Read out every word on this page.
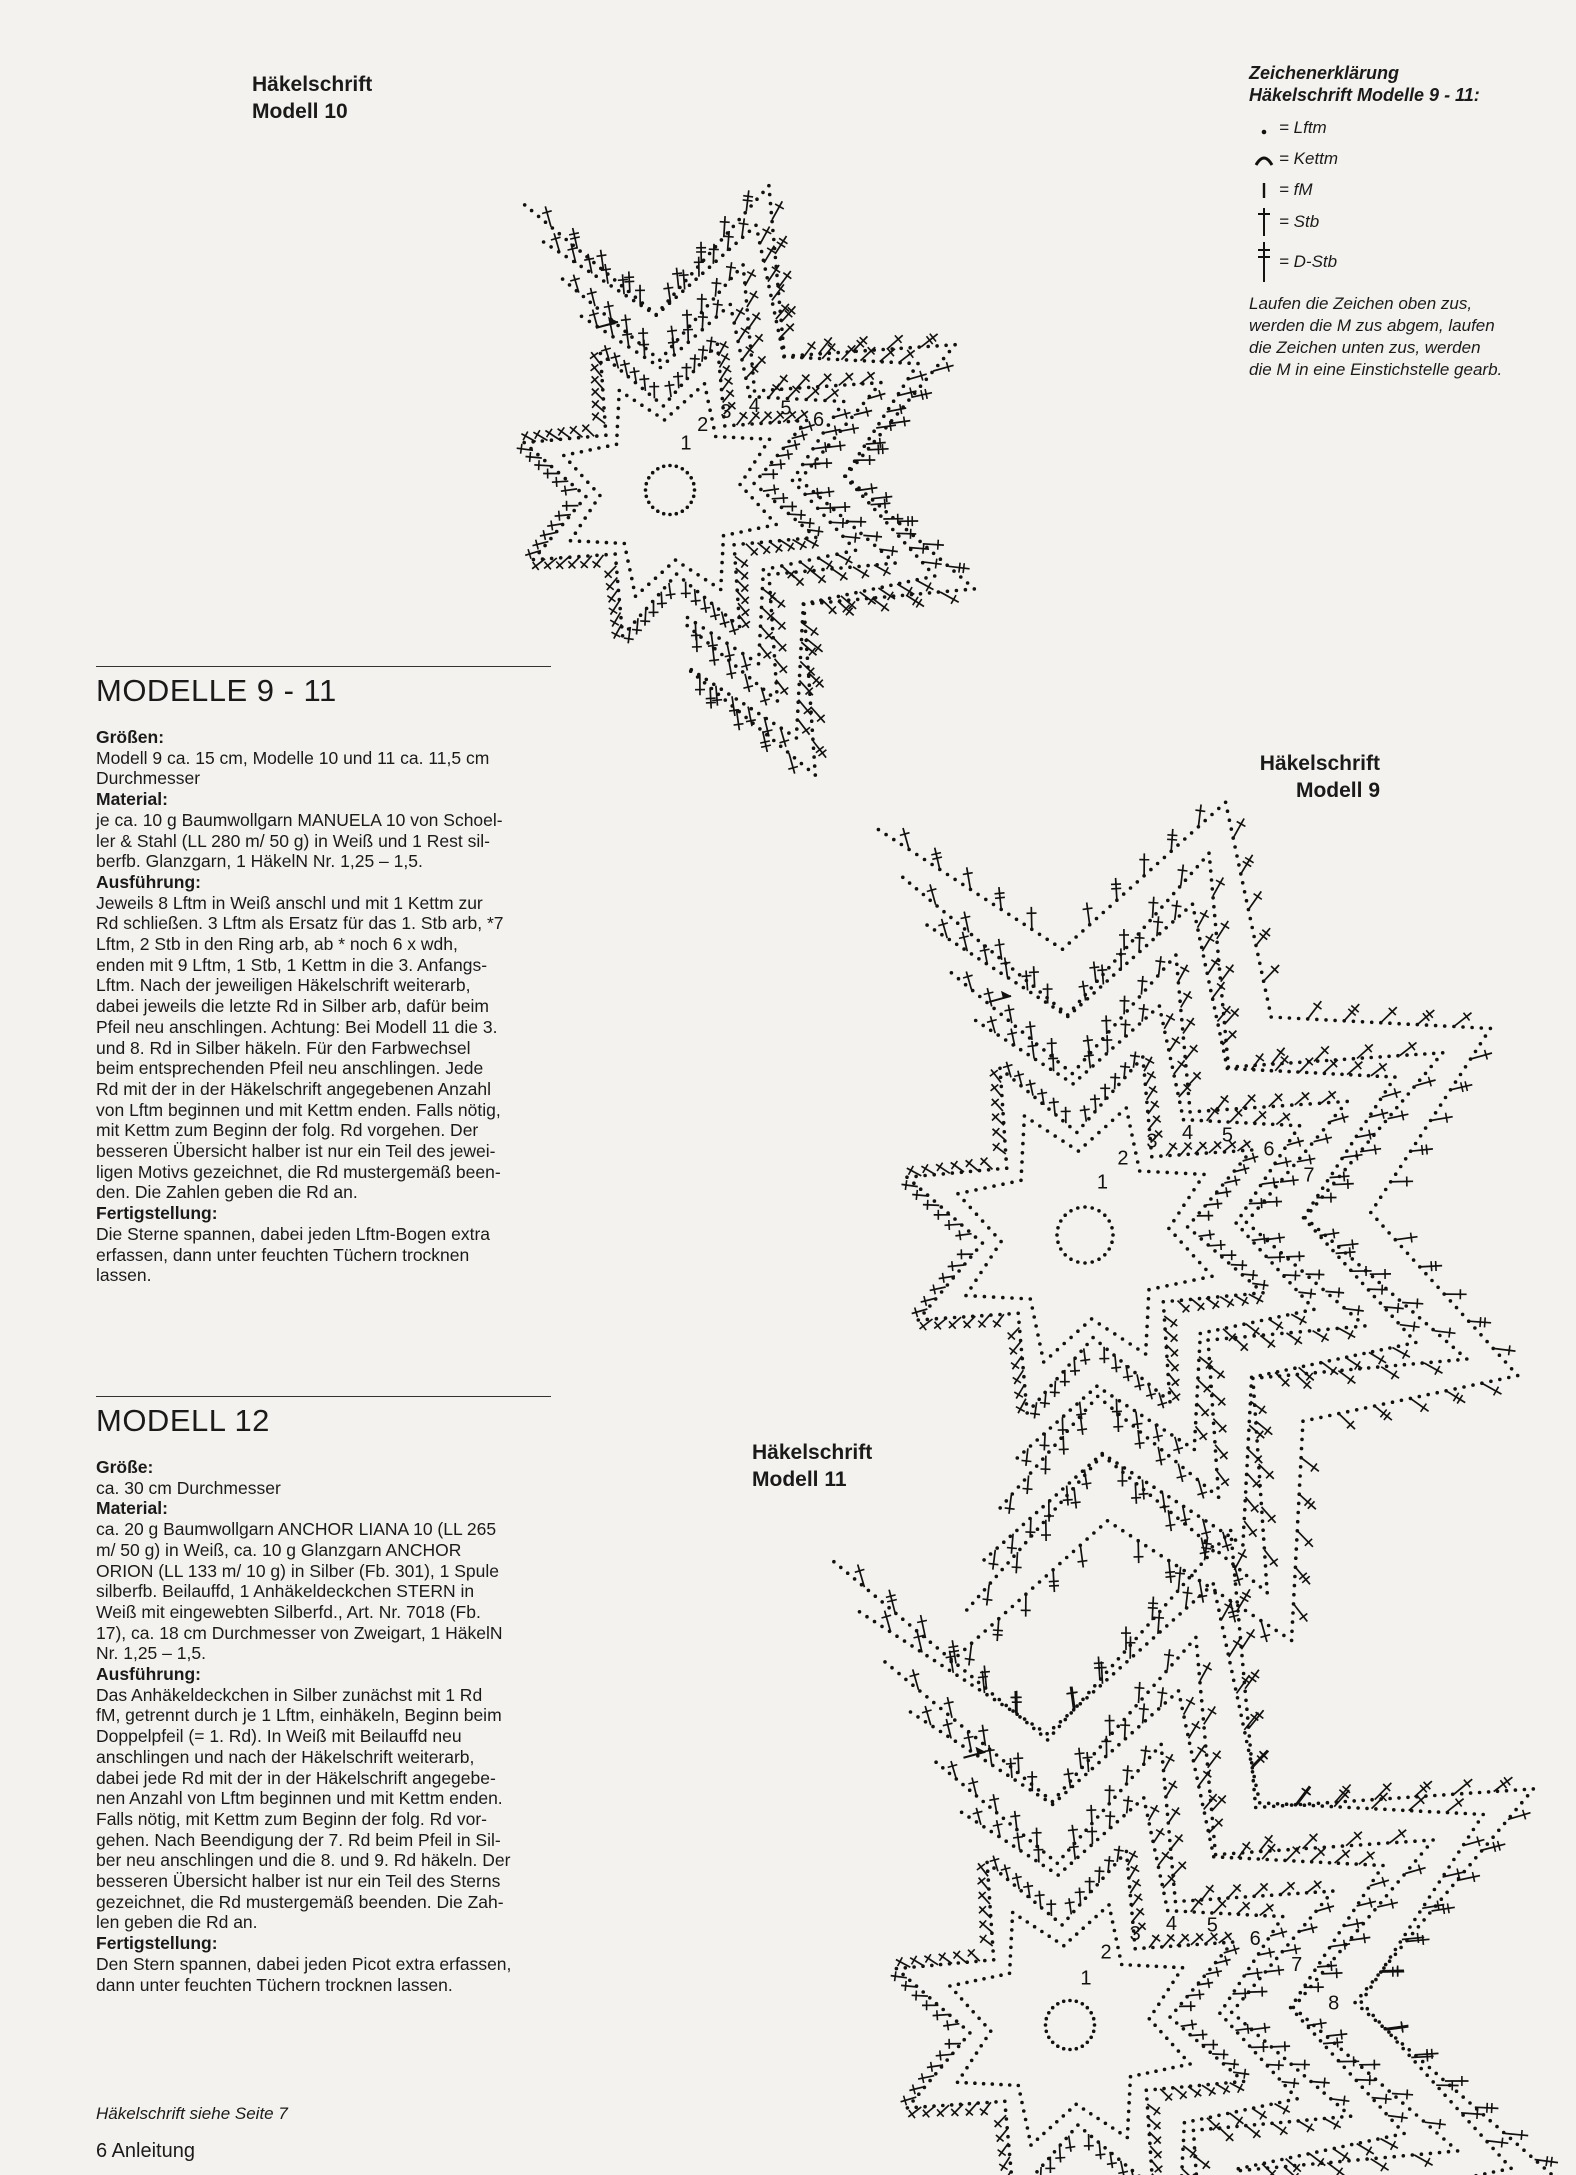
Häkelschrift
Modell 10
1
2
3 4 5
6
Zeichenerklärung
Häkelschrift Modelle 9 - 11:
= Lftm
= Kettm
= fM
= Stb
= D-Stb
Laufen die Zeichen oben zus,
werden die M zus abgem, laufen
die Zeichen unten zus, werden
die M in eine Einstichstelle gearb.
Häkelschrift
Modell 9
1
2
3 4 5
6
7
Häkelschrift
Modell 11
1
2
3 4 5
6
7
8
MODELLE 9 - 11

Größen:

Modell 9 ca. 15 cm, Modelle 10 und 11 ca. 11,5 cm

Durchmesser

Material:

je ca. 10 g Baumwollgarn MANUELA 10 von Schoel-

ler & Stahl (LL 280 m/ 50 g) in Weiß und 1 Rest sil-

berfb. Glanzgarn, 1 HäkelN Nr. 1,25 – 1,5.

Ausführung:

Jeweils 8 Lftm in Weiß anschl und mit 1 Kettm zur

Rd schließen. 3 Lftm als Ersatz für das 1. Stb arb, *7

Lftm, 2 Stb in den Ring arb, ab * noch 6 x wdh,

enden mit 9 Lftm, 1 Stb, 1 Kettm in die 3. Anfangs-

Lftm. Nach der jeweiligen Häkelschrift weiterarb,

dabei jeweils die letzte Rd in Silber arb, dafür beim

Pfeil neu anschlingen. Achtung: Bei Modell 11 die 3.

und 8. Rd in Silber häkeln. Für den Farbwechsel

beim entsprechenden Pfeil neu anschlingen. Jede

Rd mit der in der Häkelschrift angegebenen Anzahl

von Lftm beginnen und mit Kettm enden. Falls nötig,

mit Kettm zum Beginn der folg. Rd vorgehen. Der

besseren Übersicht halber ist nur ein Teil des jewei-

ligen Motivs gezeichnet, die Rd mustergemäß been-

den. Die Zahlen geben die Rd an.

Fertigstellung:

Die Sterne spannen, dabei jeden Lftm-Bogen extra

erfassen, dann unter feuchten Tüchern trocknen

lassen.

MODELL 12

Größe:

ca. 30 cm Durchmesser

Material:

ca. 20 g Baumwollgarn ANCHOR LIANA 10 (LL 265

m/ 50 g) in Weiß, ca. 10 g Glanzgarn ANCHOR

ORION (LL 133 m/ 10 g) in Silber (Fb. 301), 1 Spule

silberfb. Beilauffd, 1 Anhäkeldeckchen STERN in

Weiß mit eingewebten Silberfd., Art. Nr. 7018 (Fb.

17), ca. 18 cm Durchmesser von Zweigart, 1 HäkelN

Nr. 1,25 – 1,5.

Ausführung:

Das Anhäkeldeckchen in Silber zunächst mit 1 Rd

fM, getrennt durch je 1 Lftm, einhäkeln, Beginn beim

Doppelpfeil (= 1. Rd). In Weiß mit Beilauffd neu

anschlingen und nach der Häkelschrift weiterarb,

dabei jede Rd mit der in der Häkelschrift angegebe-

nen Anzahl von Lftm beginnen und mit Kettm enden.

Falls nötig, mit Kettm zum Beginn der folg. Rd vor-

gehen. Nach Beendigung der 7. Rd beim Pfeil in Sil-

ber neu anschlingen und die 8. und 9. Rd häkeln. Der

besseren Übersicht halber ist nur ein Teil des Sterns

gezeichnet, die Rd mustergemäß beenden. Die Zah-

len geben die Rd an.

Fertigstellung:

Den Stern spannen, dabei jeden Picot extra erfassen,

dann unter feuchten Tüchern trocknen lassen.

Häkelschrift siehe Seite 7
6 Anleitung
